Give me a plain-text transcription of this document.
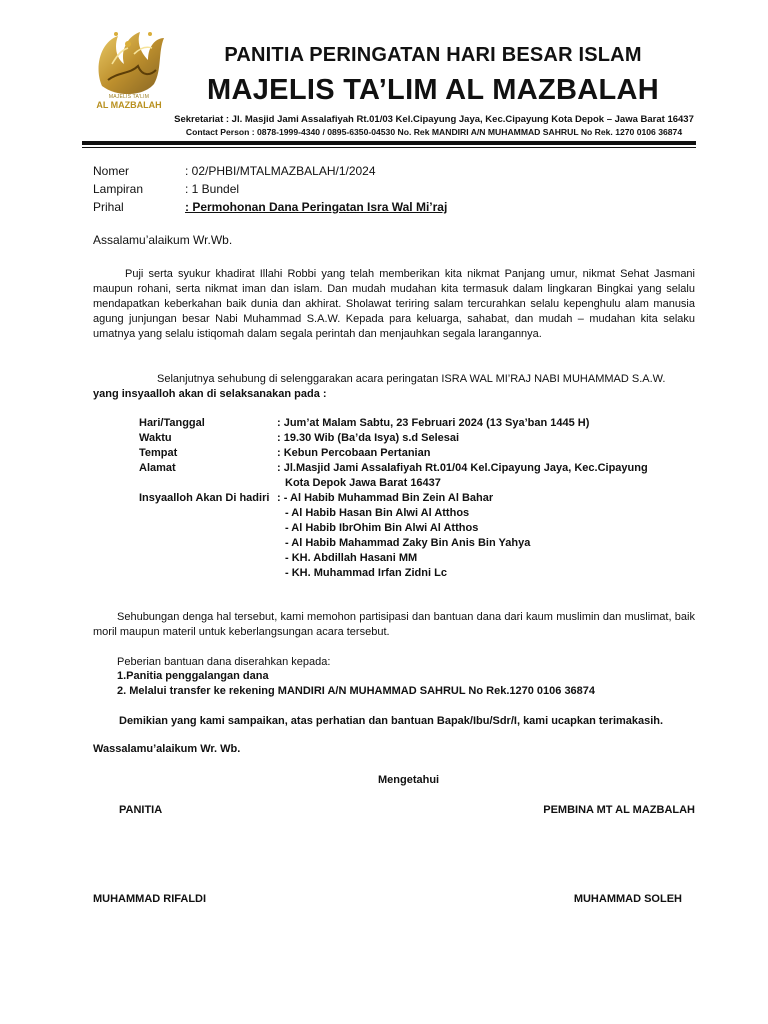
MAJELIS TA'LIM
AL MAZBALAH
PANITIA PERINGATAN HARI BESAR ISLAM
MAJELIS TA’LIM AL MAZBALAH
Sekretariat : Jl. Masjid Jami Assalafiyah Rt.01/03 Kel.Cipayung Jaya, Kec.Cipayung Kota Depok – Jawa Barat 16437
Contact Person : 0878-1999-4340 / 0895-6350-04530 No. Rek MANDIRI A/N MUHAMMAD SAHRUL No Rek. 1270 0106 36874
Nomer	: 02/PHBI/MTALMAZBALAH/1/2024
Lampiran	: 1 Bundel
Prihal	: Permohonan Dana Peringatan Isra Wal Mi’raj
Assalamu’alaikum Wr.Wb.
Puji serta syukur khadirat Illahi Robbi yang telah memberikan kita nikmat Panjang umur, nikmat Sehat Jasmani maupun rohani, serta nikmat iman dan islam. Dan mudah mudahan kita termasuk dalam lingkaran Bingkai yang selalu mendapatkan keberkahan baik dunia dan akhirat. Sholawat teriring salam tercurahkan selalu kepenghulu alam manusia agung junjungan besar Nabi Muhammad S.A.W. Kepada para keluarga, sahabat, dan mudah – mudahan kita selaku umatnya yang selalu istiqomah dalam segala perintah dan menjauhkan segala larangannya.
Selanjutnya sehubung di selenggarakan acara peringatan ISRA WAL MI’RAJ NABI MUHAMMAD S.A.W.
yang insyaalloh akan di selaksanakan pada :
Hari/Tanggal	: Jum’at Malam Sabtu, 23 Februari 2024 (13 Sya’ban 1445 H)
Waktu	: 19.30 Wib (Ba’da Isya) s.d Selesai
Tempat	: Kebun Percobaan Pertanian
Alamat	: Jl.Masjid Jami Assalafiyah Rt.01/04 Kel.Cipayung Jaya, Kec.Cipayung
Kota Depok Jawa Barat 16437
Insyaalloh Akan Di hadiri : - Al Habib Muhammad Bin Zein Al Bahar
- Al Habib Hasan Bin Alwi Al Atthos
- Al Habib IbrOhim Bin Alwi Al Atthos
- Al Habib Mahammad Zaky Bin Anis Bin Yahya
- KH. Abdillah Hasani MM
- KH. Muhammad Irfan Zidni Lc
Sehubungan denga hal tersebut, kami memohon partisipasi dan bantuan dana dari kaum muslimin dan muslimat, baik moril maupun materil untuk keberlangsungan acara tersebut.
Peberian bantuan dana diserahkan kepada:
1.Panitia penggalangan dana
2. Melalui transfer ke rekening MANDIRI A/N MUHAMMAD SAHRUL No Rek.1270 0106 36874
Demikian yang kami sampaikan, atas perhatian dan bantuan Bapak/Ibu/Sdr/I, kami ucapkan terimakasih.
Wassalamu’alaikum Wr. Wb.
Mengetahui
PANITIA	PEMBINA MT AL MAZBALAH
MUHAMMAD RIFALDI	MUHAMMAD SOLEH
